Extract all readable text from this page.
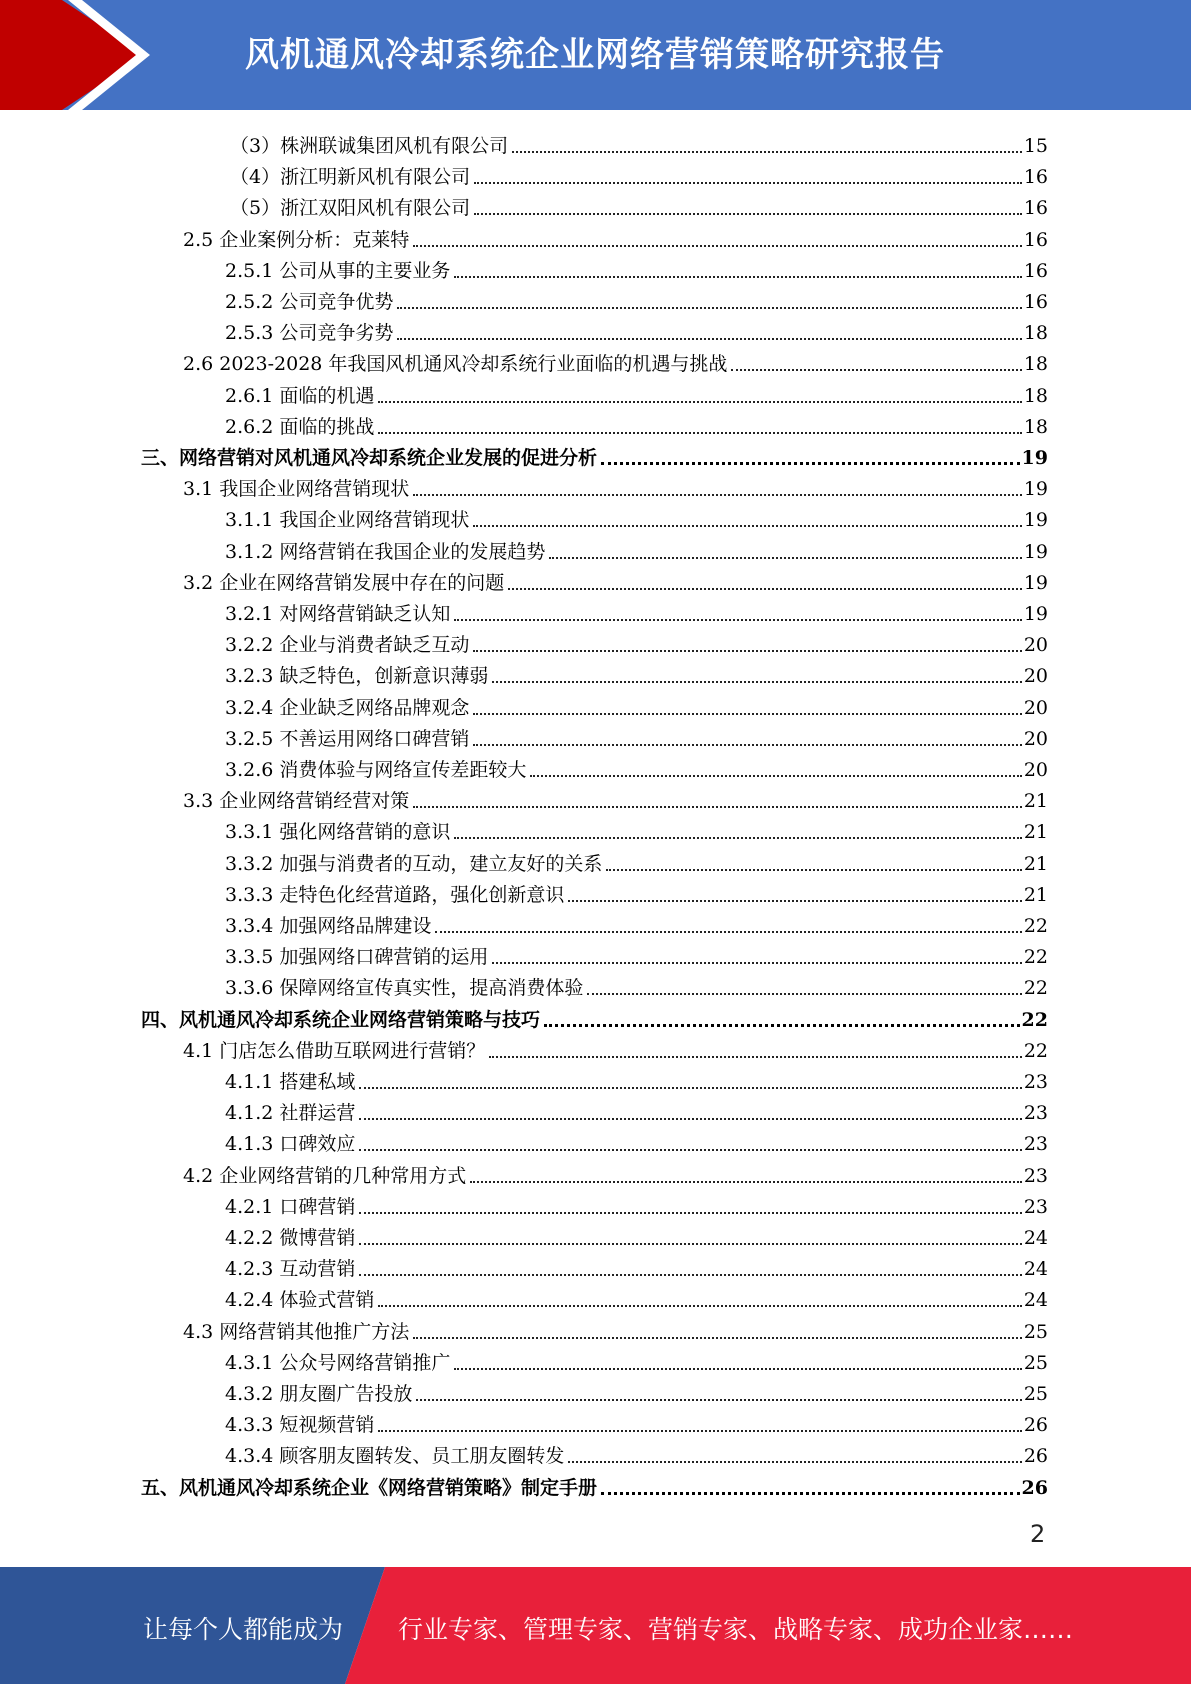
风机通风冷却系统企业网络营销策略研究报告
（3）株洲联诚集团风机有限公司	15
（4）浙江明新风机有限公司	16
（5）浙江双阳风机有限公司	16
2.5 企业案例分析：克莱特	16
2.5.1 公司从事的主要业务	16
2.5.2 公司竞争优势	16
2.5.3 公司竞争劣势	18
2.6 2023-2028 年我国风机通风冷却系统行业面临的机遇与挑战	18
2.6.1 面临的机遇	18
2.6.2 面临的挑战	18
三、网络营销对风机通风冷却系统企业发展的促进分析	19
3.1 我国企业网络营销现状	19
3.1.1 我国企业网络营销现状	19
3.1.2 网络营销在我国企业的发展趋势	19
3.2 企业在网络营销发展中存在的问题	19
3.2.1 对网络营销缺乏认知	19
3.2.2 企业与消费者缺乏互动	20
3.2.3 缺乏特色，创新意识薄弱	20
3.2.4 企业缺乏网络品牌观念	20
3.2.5 不善运用网络口碑营销	20
3.2.6 消费体验与网络宣传差距较大	20
3.3 企业网络营销经营对策	21
3.3.1 强化网络营销的意识	21
3.3.2 加强与消费者的互动，建立友好的关系	21
3.3.3 走特色化经营道路，强化创新意识	21
3.3.4 加强网络品牌建设	22
3.3.5 加强网络口碑营销的运用	22
3.3.6 保障网络宣传真实性，提高消费体验	22
四、风机通风冷却系统企业网络营销策略与技巧	22
4.1 门店怎么借助互联网进行营销？	22
4.1.1 搭建私域	23
4.1.2 社群运营	23
4.1.3 口碑效应	23
4.2 企业网络营销的几种常用方式	23
4.2.1 口碑营销	23
4.2.2 微博营销	24
4.2.3 互动营销	24
4.2.4 体验式营销	24
4.3 网络营销其他推广方法	25
4.3.1 公众号网络营销推广	25
4.3.2 朋友圈广告投放	25
4.3.3 短视频营销	26
4.3.4 顾客朋友圈转发、员工朋友圈转发	26
五、风机通风冷却系统企业《网络营销策略》制定手册	26
2
让每个人都能成为 行业专家、管理专家、营销专家、战略专家、成功企业家……
